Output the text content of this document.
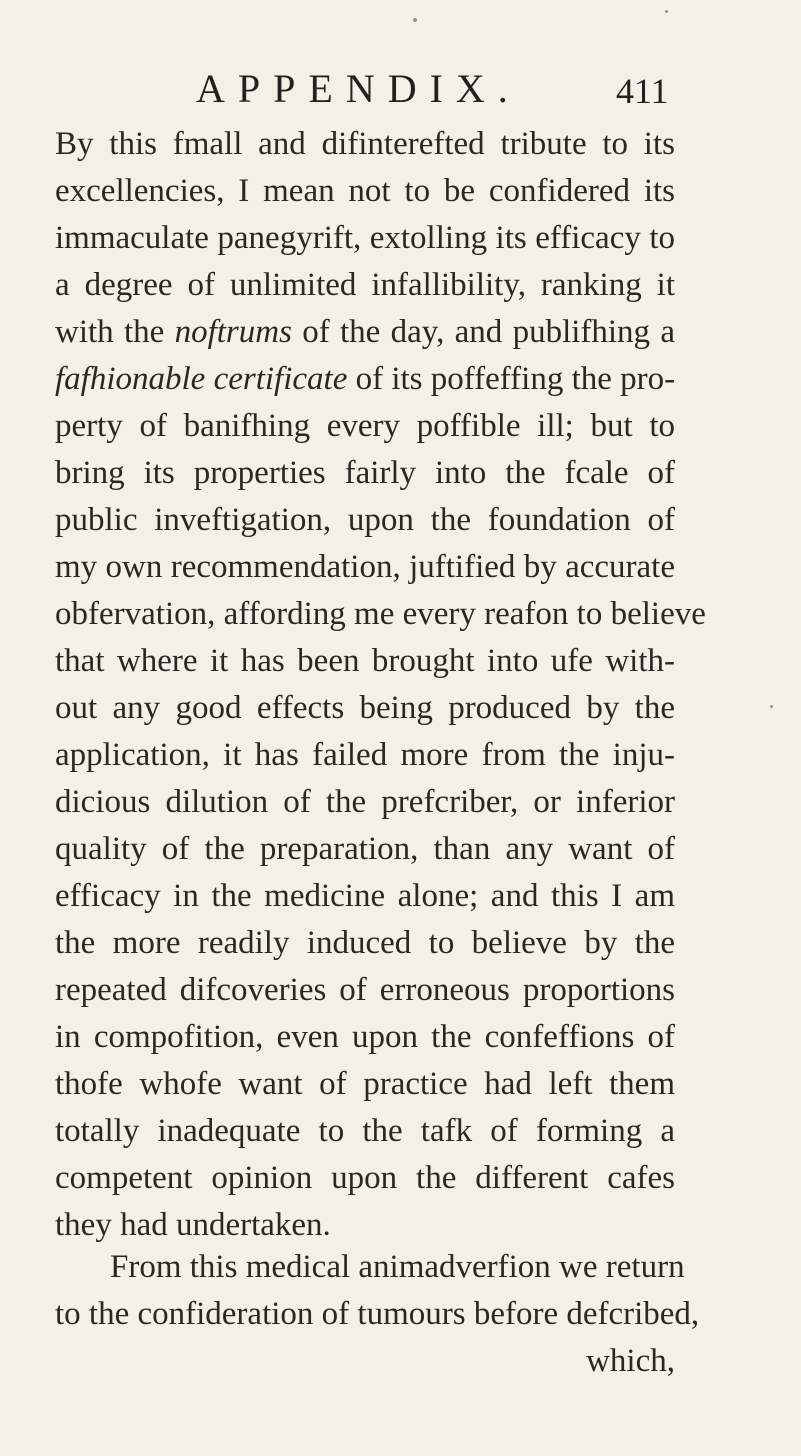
APPENDIX.	411
By this fmall and difinterefted tribute to its
excellencies, I mean not to be confidered its
immaculate panegyrift, extolling its efficacy to
a degree of unlimited infallibility, ranking it
with the noftrums of the day, and publifhing a
fafhionable certificate of its poffeffing the pro-
perty of banifhing every poffible ill; but to
bring its properties fairly into the fcale of
public inveftigation, upon the foundation of
my own recommendation, juftified by accurate
obfervation, affording me every reafon to believe
that where it has been brought into ufe with-
out any good effects being produced by the
application, it has failed more from the inju-
dicious dilution of the prefcriber, or inferior
quality of the preparation, than any want of
efficacy in the medicine alone; and this I am
the more readily induced to believe by the
repeated difcoveries of erroneous proportions
in compofition, even upon the confeffions of
thofe whofe want of practice had left them
totally inadequate to the tafk of forming a
competent opinion upon the different cafes
they had undertaken.
From this medical animadverfion we return
to the confideration of tumours before defcribed,
which,
